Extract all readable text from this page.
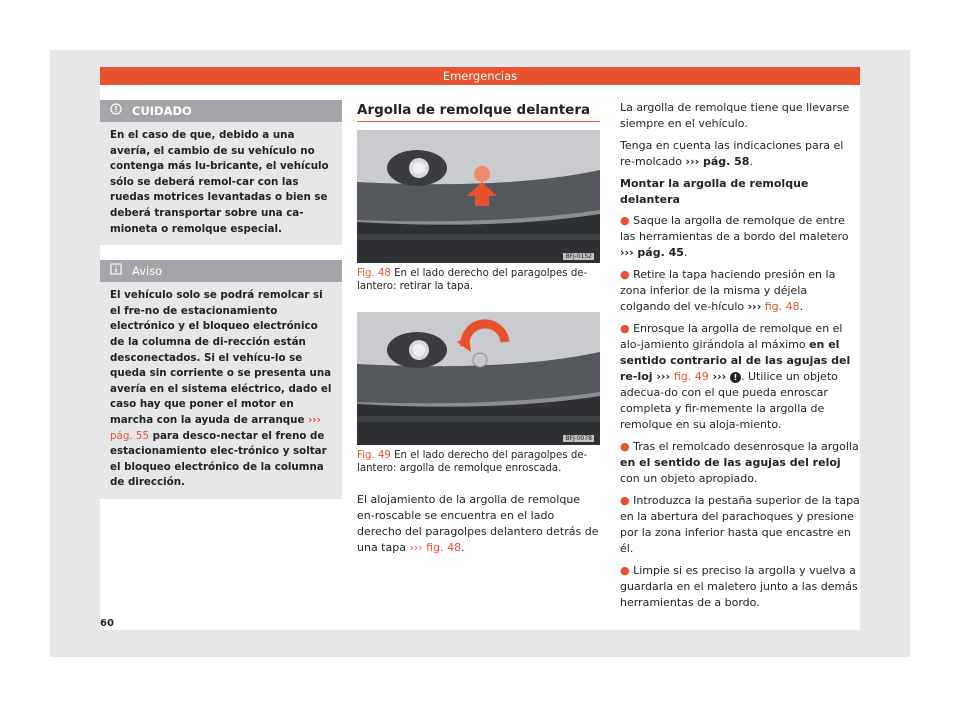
Emergencias
CUIDADO
En el caso de que, debido a una avería, el cambio de su vehículo no contenga más lu-bricante, el vehículo sólo se deberá remol-car con las ruedas motrices levantadas o bien se deberá transportar sobre una ca-mioneta o remolque especial.
Aviso
El vehículo solo se podrá remolcar si el fre-no de estacionamiento electrónico y el bloqueo electrónico de la columna de di-rección están desconectados. Si el vehícu-lo se queda sin corriente o se presenta una avería en el sistema eléctrico, dado el caso hay que poner el motor en marcha con la ayuda de arranque ››› pág. 55 para desco-nectar el freno de estacionamiento elec-trónico y soltar el bloqueo electrónico de la columna de dirección.
Argolla de remolque delantera
BFJ-0152
Fig. 48 En el lado derecho del paragolpes de-lantero: retirar la tapa.
BFJ-0078
Fig. 49 En el lado derecho del paragolpes de-lantero: argolla de remolque enroscada.
El alojamiento de la argolla de remolque en-roscable se encuentra en el lado derecho del paragolpes delantero detrás de una tapa ››› fig. 48.

La argolla de remolque tiene que llevarse siempre en el vehículo.

Tenga en cuenta las indicaciones para el re-molcado ››› pág. 58.

Montar la argolla de remolque delantera

● Saque la argolla de remolque de entre las herramientas de a bordo del maletero ››› pág. 45.

● Retire la tapa haciendo presión en la zona inferior de la misma y déjela colgando del ve-hículo ››› fig. 48.

● Enrosque la argolla de remolque en el alo-jamiento girándola al máximo en el sentido contrario al de las agujas del re-loj ››› fig. 49 ››› ! . Utilice un objeto adecua-do con el que pueda enroscar completa y fir-memente la argolla de remolque en su aloja-miento.

● Tras el remolcado desenrosque la argolla en el sentido de las agujas del reloj con un objeto apropiado.

● Introduzca la pestaña superior de la tapa en la abertura del parachoques y presione por la zona inferior hasta que encastre en él.

● Limpie si es preciso la argolla y vuelva a guardarla en el maletero junto a las demás herramientas de a bordo.

60
